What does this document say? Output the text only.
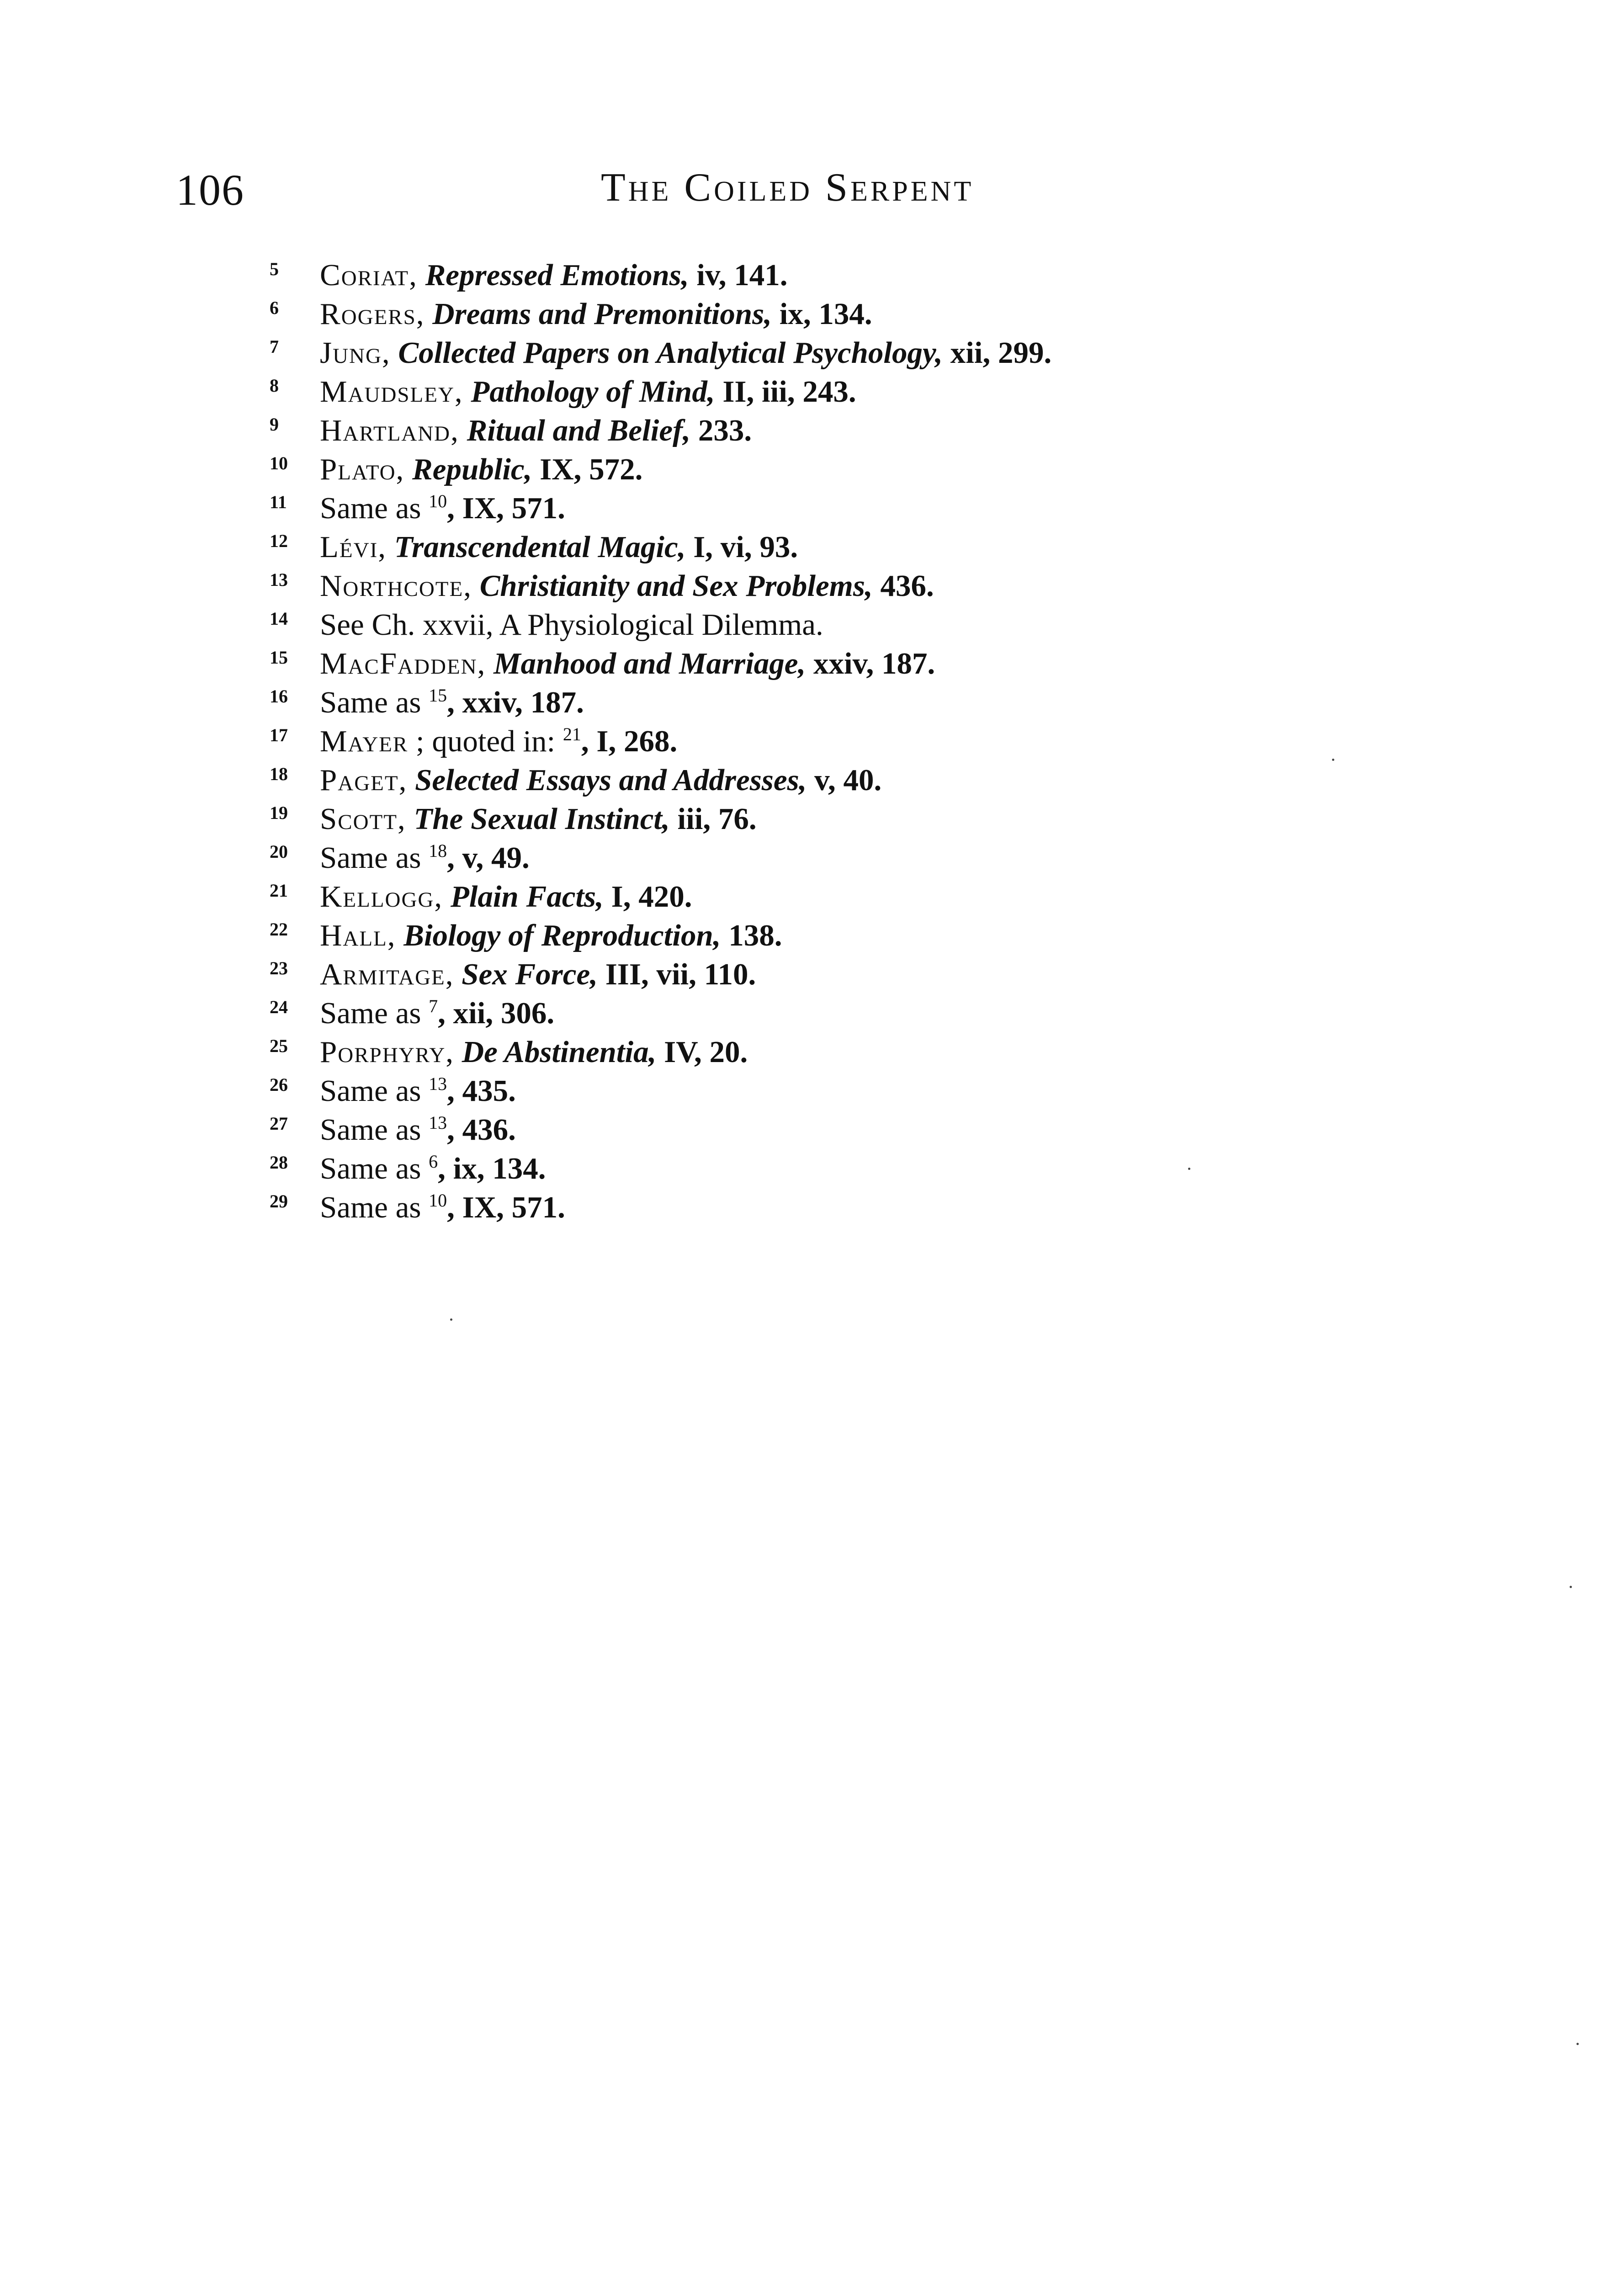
106	The Coiled Serpent
5	Coriat, Repressed Emotions, iv, 141.
6	Rogers, Dreams and Premonitions, ix, 134.
7	Jung, Collected Papers on Analytical Psychology, xii, 299.
8	Maudsley, Pathology of Mind, II, iii, 243.
9	Hartland, Ritual and Belief, 233.
10	Plato, Republic, IX, 572.
11	Same as $^{10}$, IX, 571.
12	Lévi, Transcendental Magic, I, vi, 93.
13	Northcote, Christianity and Sex Problems, 436.
14	See Ch. xxvii, A Physiological Dilemma.
15	MacFadden, Manhood and Marriage, xxiv, 187.
16	Same as $^{15}$, xxiv, 187.
17	Mayer ; quoted in: $^{21}$, I, 268.
18	Paget, Selected Essays and Addresses, v, 40.
19	Scott, The Sexual Instinct, iii, 76.
20	Same as $^{18}$, v, 49.
21	Kellogg, Plain Facts, I, 420.
22	Hall, Biology of Reproduction, 138.
23	Armitage, Sex Force, III, vii, 110.
24	Same as $^7$, xii, 306.
25	Porphyry, De Abstinentia, IV, 20.
26	Same as $^{13}$, 435.
27	Same as $^{13}$, 436.
28	Same as $^6$, ix, 134.
29	Same as $^{10}$, IX, 571.
